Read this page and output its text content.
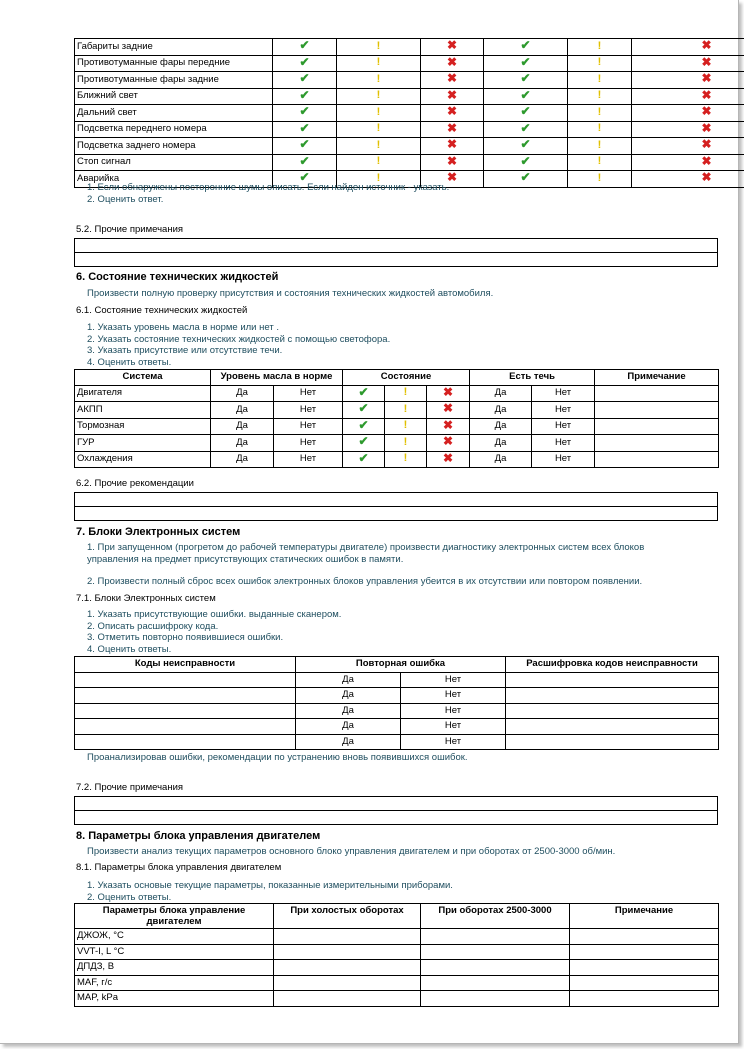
Габариты задние	✔	!	✖	✔	!	✖	
Противотуманные фары передние	✔	!	✖	✔	!	✖	
Противотуманные фары задние	✔	!	✖	✔	!	✖	
Ближний свет	✔	!	✖	✔	!	✖	
Дальний свет	✔	!	✖	✔	!	✖	
Подсветка переднего номера	✔	!	✖	✔	!	✖	
Подсветка заднего номера	✔	!	✖	✔	!	✖	
Стоп сигнал	✔	!	✖	✔	!	✖	
Аварийка	✔	!	✖	✔	!	✖	
1. Если обнаружены посторонние шумы описать. Если найден источник - указать.
2. Оценить ответ.
5.2. Прочие примечания

6. Состояние технических жидкостей
Произвести полную проверку присутствия и состояния технических жидкостей автомобиля.
6.1. Состояние технических жидкостей
1. Указать уровень масла в норме или нет .
2. Указать состояние технических жидкостей с помощью светофора.
3. Указать присутствие или отсутствие течи.
4. Оценить ответы.
Система	Уровень масла в норме		Состояние			Есть течь		Примечание
Двигателя	Да	Нет	✔	!	✖	Да	Нет	
АКПП	Да	Нет	✔	!	✖	Да	Нет	
Тормозная	Да	Нет	✔	!	✖	Да	Нет	
ГУР	Да	Нет	✔	!	✖	Да	Нет	
Охлаждения	Да	Нет	✔	!	✖	Да	Нет	
6.2. Прочие рекомендации

7. Блоки Электронных систем
1. При запущенном (прогретом до рабочей температуры двигателе) произвести диагностику электронных систем всех блоков
управления на предмет присутствующих статических ошибок в памяти.
2. Произвести полный сброс всех ошибок электронных блоков управления убеится в их отсутствии или повтором появлении.
7.1. Блоки Электронных систем
1. Указать присутствующие ошибки. выданные сканером.
2. Описать расшифроку кода.
3. Отметить повторно появившиеся ошибки.
4. Оценить ответы.
Коды неисправности	Повторная ошибка		Расшифровка кодов неисправности
	Да	Нет	
	Да	Нет	
	Да	Нет	
	Да	Нет	
	Да	Нет	
Проанализировав ошибки, рекомендации по устранению вновь появившихся ошибок.
7.2. Прочие примечания

8. Параметры блока управления двигателем
Произвести анализ текущих параметров основного блоко управления двигателем и при оборотах от 2500-3000 об/мин.
8.1. Параметры блока управления двигателем
1. Указать основые текущие параметры, показанные измерительными приборами.
2. Оценить ответы.
Параметры блока управление двигателем	При холостых оборотах	При оборотах 2500-3000	Примечание
ДЖОЖ, °C			
VVT-I, L °C			
ДПДЗ, В			
MAF, г/с			
MAP, kPa			
